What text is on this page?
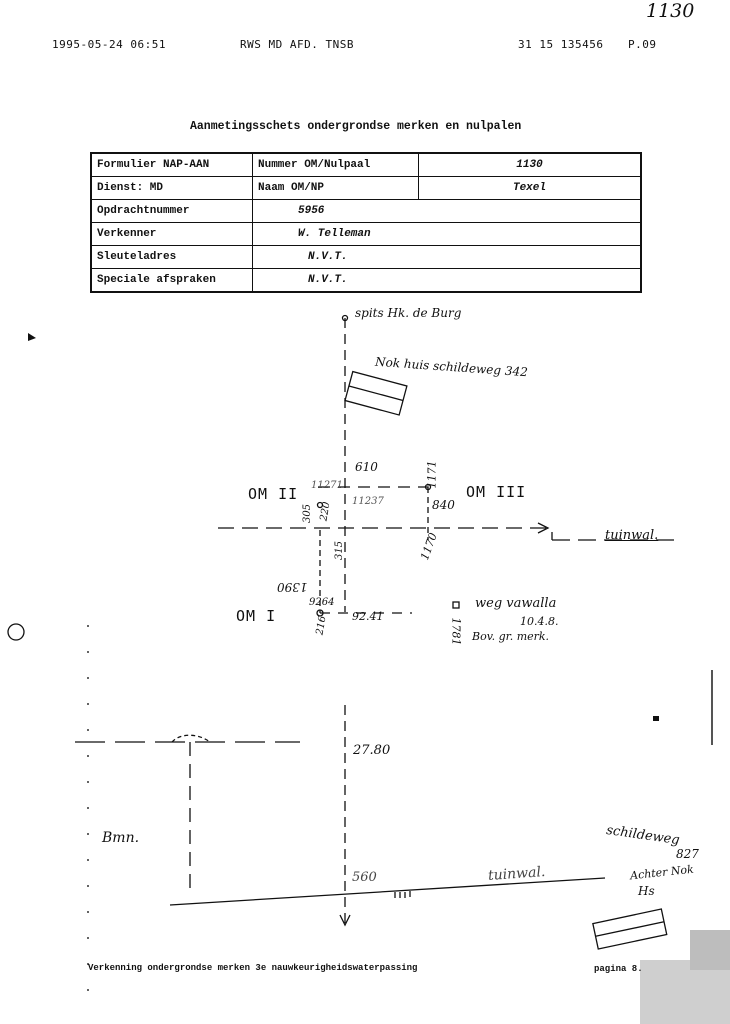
1130
1995-05-24 06:51	RWS MD AFD. TNSB	31 15 135456 P.09
Aanmetingsschets ondergrondse merken en nulpalen
Formulier NAP-AAN	Nummer OM/Nulpaal	1130
Dienst: MD	Naam OM/NP	Texel
Opdrachtnummer	5956	
Verkenner	W. Telleman	
Sleuteladres	N.V.T.	
Speciale afspraken	N.V.T.	
spits Hk. de Burg
Nok huis schildeweg 342
OM II	OM III
OM I
610
11271
11237
1171
840
1170
305 220
315
tuinwal.
1390
9264
92.41
216
weg vawalla
10.4.8.
Bov. gr. merk.
1781
27.80
Bmn.
560	tuinwal.
schildeweg
827
Achter Nok
Hs
Verkenning ondergrondse merken 3e nauwkeurigheidswaterpassing	pagina 8.
